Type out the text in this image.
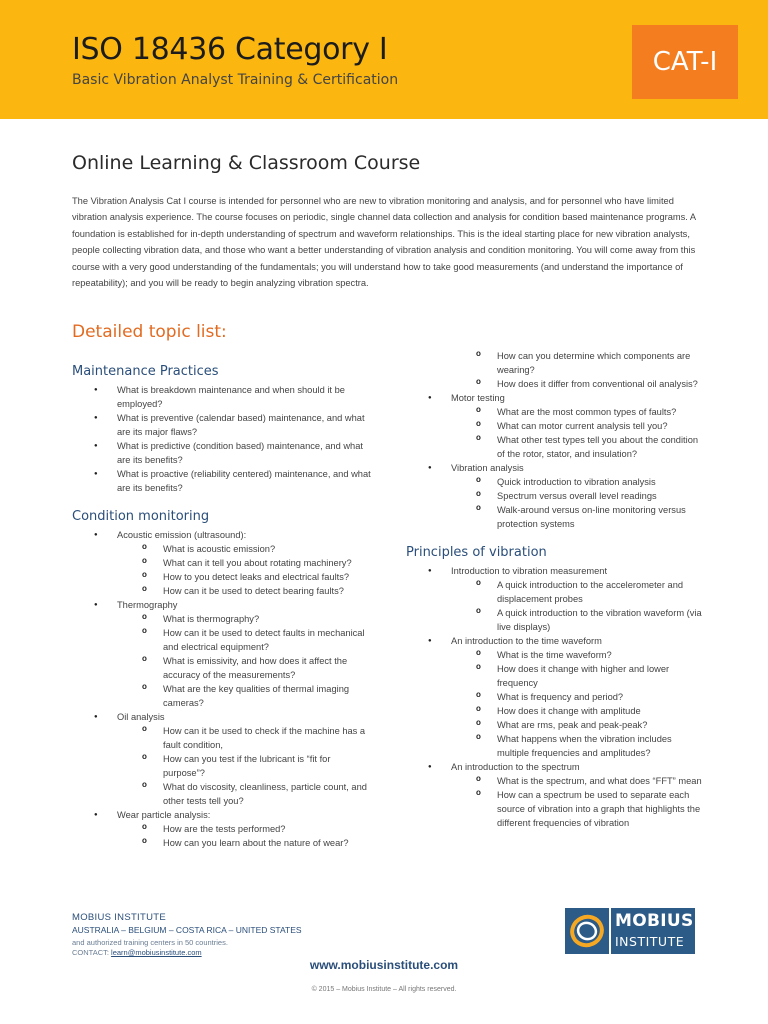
ISO 18436 Category I
Basic Vibration Analyst Training & Certification
CAT-I
Online Learning & Classroom Course
The Vibration Analysis Cat I course is intended for personnel who are new to vibration monitoring and analysis, and for personnel who have limited vibration analysis experience. The course focuses on periodic, single channel data collection and analysis for condition based maintenance programs. A foundation is established for in-depth understanding of spectrum and waveform relationships. This is the ideal starting place for new vibration analysts, people collecting vibration data, and those who want a better understanding of vibration analysis and condition monitoring. You will come away from this course with a very good understanding of the fundamentals; you will understand how to take good measurements (and understand the importance of repeatability); and you will be ready to begin analyzing vibration spectra.
Detailed topic list:
Maintenance Practices
● What is breakdown maintenance and when should it be employed?
● What is preventive (calendar based) maintenance, and what are its major flaws?
● What is predictive (condition based) maintenance, and what are its benefits?
● What is proactive (reliability centered) maintenance, and what are its benefits?
Condition monitoring
● Acoustic emission (ultrasound):
o What is acoustic emission?
o What can it tell you about rotating machinery?
o How to you detect leaks and electrical faults?
o How can it be used to detect bearing faults?
● Thermography
o What is thermography?
o How can it be used to detect faults in mechanical and electrical equipment?
o What is emissivity, and how does it affect the accuracy of the measurements?
o What are the key qualities of thermal imaging cameras?
● Oil analysis
o How can it be used to check if the machine has a fault condition,
o How can you test if the lubricant is “fit for purpose”?
o What do viscosity, cleanliness, particle count, and other tests tell you?
● Wear particle analysis:
o How are the tests performed?
o How can you learn about the nature of wear?
o How can you determine which components are wearing?
o How does it differ from conventional oil analysis?
● Motor testing
o What are the most common types of faults?
o What can motor current analysis tell you?
o What other test types tell you about the condition of the rotor, stator, and insulation?
● Vibration analysis
o Quick introduction to vibration analysis
o Spectrum versus overall level readings
o Walk-around versus on-line monitoring versus protection systems
Principles of vibration
● Introduction to vibration measurement
o A quick introduction to the accelerometer and displacement probes
o A quick introduction to the vibration waveform (via live displays)
● An introduction to the time waveform
o What is the time waveform?
o How does it change with higher and lower frequency
o What is frequency and period?
o How does it change with amplitude
o What are rms, peak and peak-peak?
o What happens when the vibration includes multiple frequencies and amplitudes?
● An introduction to the spectrum
o What is the spectrum, and what does “FFT” mean
o How can a spectrum be used to separate each source of vibration into a graph that highlights the different frequencies of vibration
MOBIUS INSTITUTE
AUSTRALIA – BELGIUM – COSTA RICA – UNITED STATES
and authorized training centers in 50 countries.
CONTACT: learn@mobiusinstitute.com
MOBIUS
INSTITUTE
www.mobiusinstitute.com
© 2015 – Mobius Institute – All rights reserved.
